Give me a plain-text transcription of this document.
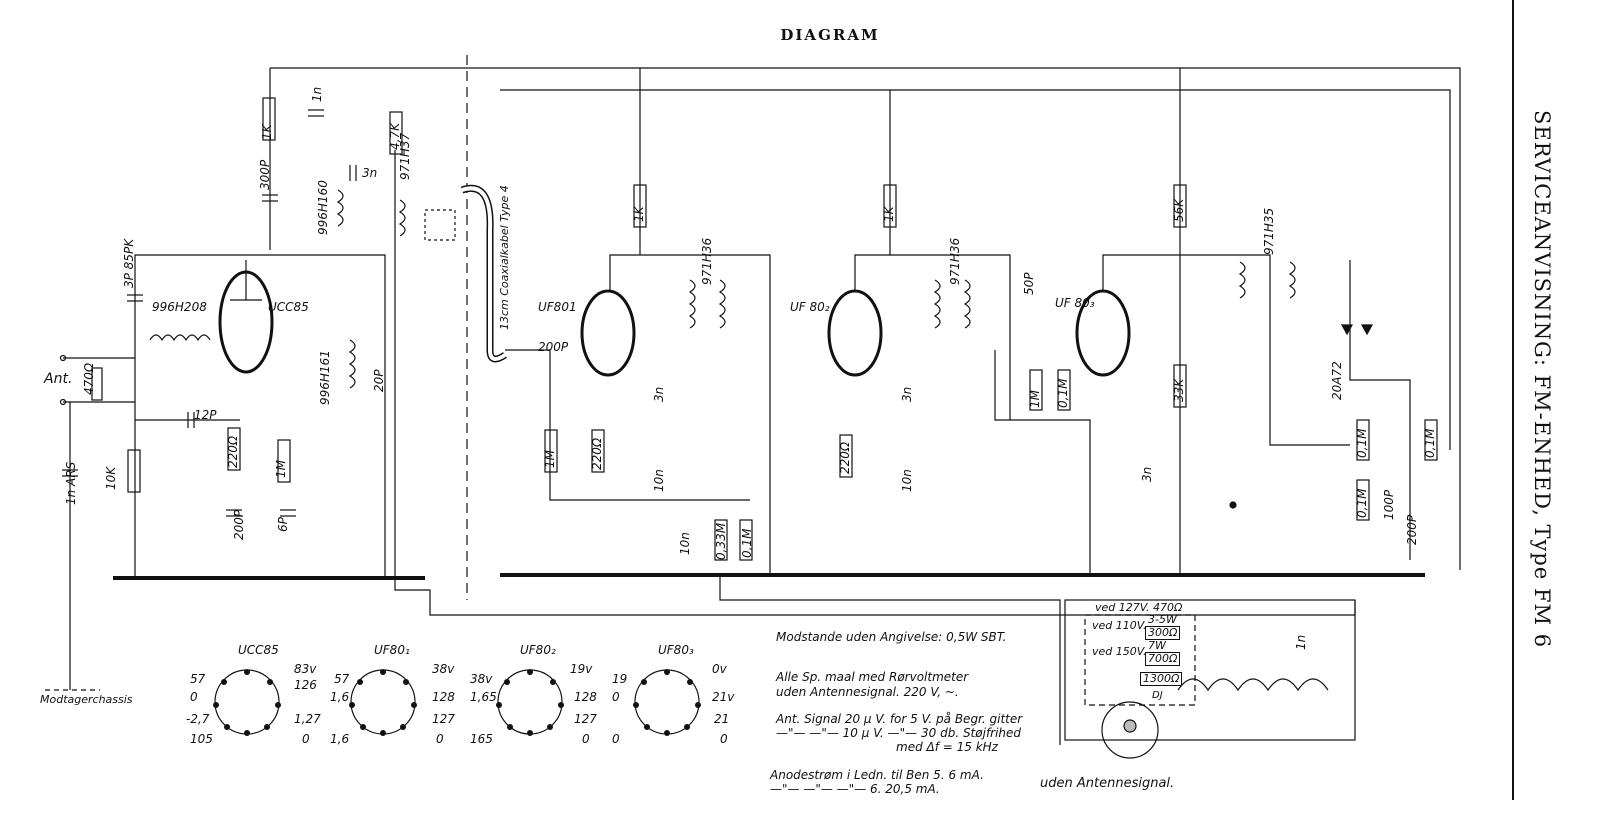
DIAGRAM
SERVICEANVISNING: FM-ENHED, Type FM 6
Ant.
Modtagerchassis
13cm Coaxialkabel Type 4
UCC85	UF801	UF 80₂	UF 80₃
971H37
971H36	971H36
971H35
UCC85	UF80₁	UF80₂	UF80₃
57
0
-2,7
105
83v
126
1,27
0
57
1,6
1,6
38v
128
127
0
38v
1,65
165
19v
128
127
0
19
0
0
0v
21v
21
0
10K
470Ω
220Ω
1K	4,7K
1M
1K
220Ω
1M
0,33M 0,1M
220Ω
1K
1M 0,1M
56K
33K
0,1M	0,1M
0,1M
200P
1n ARS
300P
12P
3P 85PK
20P
6P
1n
3n
200P
10n
3n
10n
10n
3n
1n
50P
3n
100P
200P
996H208
996H160
996H161	20A72
Modstande uden Angivelse: 0,5W SBT.
Alle Sp. maal med Rørvoltmeter
uden Antennesignal. 220 V, ~.
Ant. Signal 20 μ V. for 5 V. på Begr. gitter
—"— —"— 10 μ V. —"— 30 db. Støjfrihed
med Δf = 15 kHz
Anodestrøm i Ledn. til Ben 5. 6 mA.
—"— —"— —"— 6. 20,5 mA.	uden Antennesignal.
ved 127V. 470Ω
ved 110V. 3-5W
300Ω
ved 150V. 7W
700Ω
1300Ω
DJ
